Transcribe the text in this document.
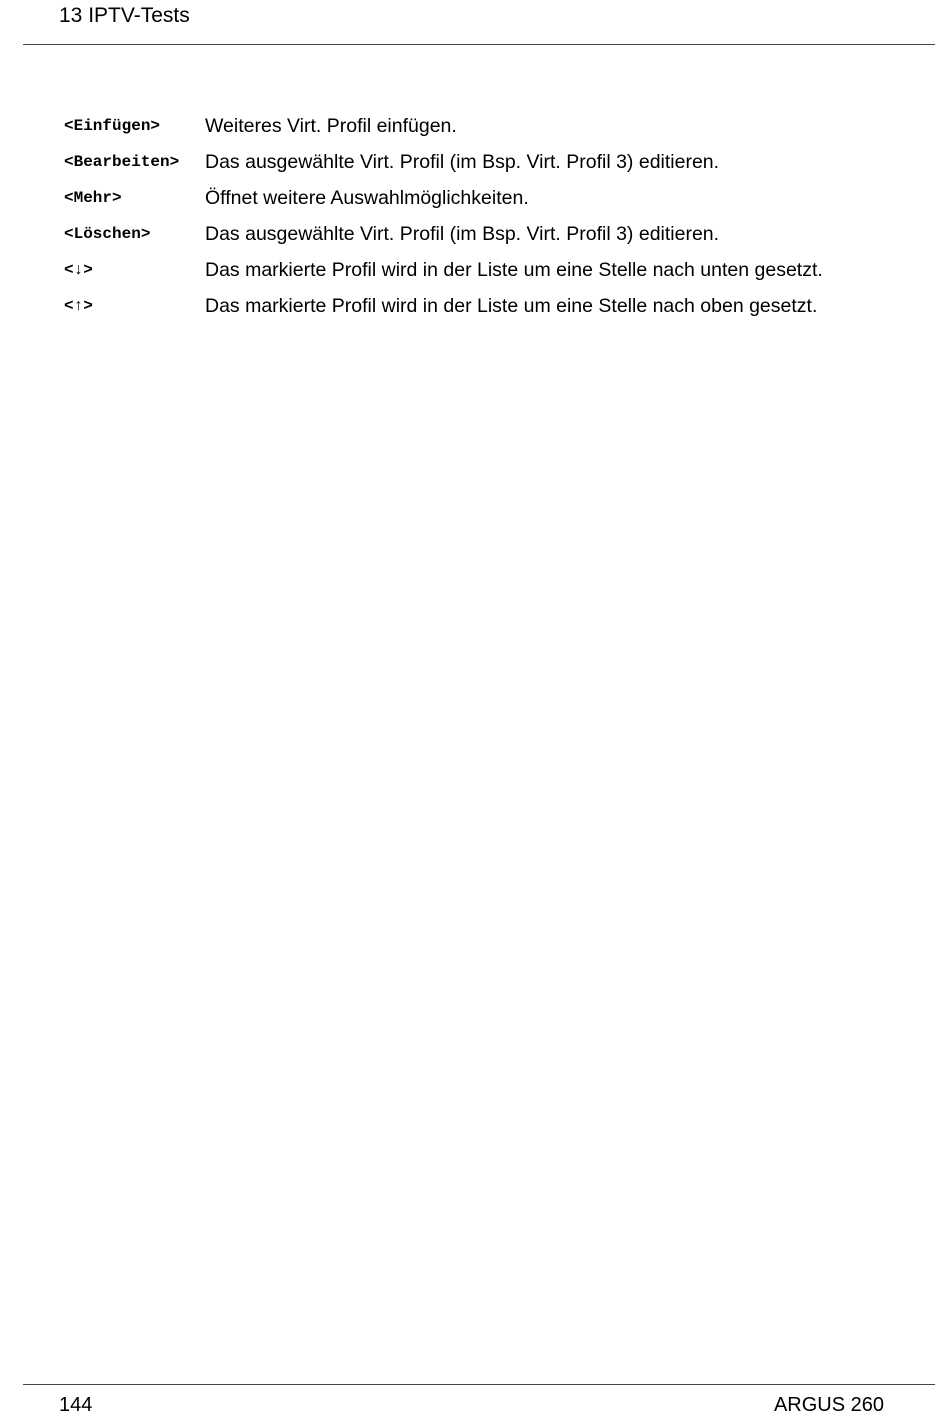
13 IPTV-Tests
<Einfügen> Weiteres Virt. Profil einfügen.
<Bearbeiten> Das ausgewählte Virt. Profil (im Bsp. Virt. Profil 3) editieren.
<Mehr>	Öffnet weitere Auswahlmöglichkeiten.
<Löschen>	Das ausgewählte Virt. Profil (im Bsp. Virt. Profil 3) editieren.
<↓>	Das markierte Profil wird in der Liste um eine Stelle nach unten gesetzt.
<↑>	Das markierte Profil wird in der Liste um eine Stelle nach oben gesetzt.
144	ARGUS 260
